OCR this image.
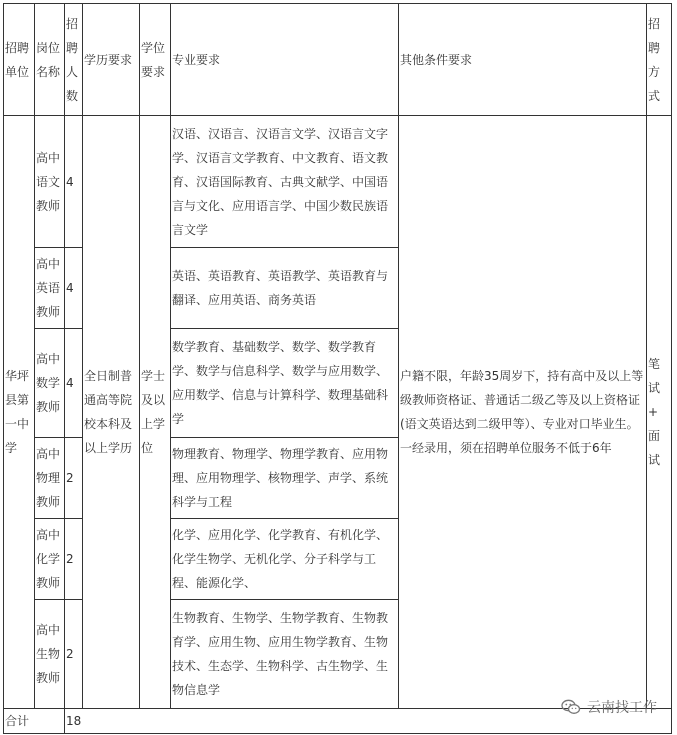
招聘单位	岗位名称	招聘人数	学历要求	学位要求	专业要求	其他条件要求	招聘方式
华坪县第一中学	高中语文教师	4	全日制普通高等院校本科及以上学历	学士及以上学位	汉语、汉语言、汉语言文学、汉语言文字学、汉语言文学教育、中文教育、语文教育、汉语国际教育、古典文献学、中国语言与文化、应用语言学、中国少数民族语言文学	户籍不限，年龄35周岁下，持有高中及以上等级教师资格证、普通话二级乙等及以上资格证(语文英语达到二级甲等）、专业对口毕业生。一经录用，须在招聘单位服务不低于6年	笔试+面试
	高中英语教师	4			英语、英语教育、英语教学、英语教育与翻译、应用英语、商务英语		
	高中数学教师	4			数学教育、基础数学、数学、数学教育学、数学与信息科学、数学与应用数学、应用数学、信息与计算科学、数理基础科学		
	高中物理教师	2			物理教育、物理学、物理学教育、应用物理、应用物理学、核物理学、声学、系统科学与工程		
	高中化学教师	2			化学、应用化学、化学教育、有机化学、化学生物学、无机化学、分子科学与工程、能源化学、		
	高中生物教师	2			生物教育、生物学、生物学教育、生物教育学、应用生物、应用生物学教育、生物技术、生态学、生物科学、古生物学、生物信息学		
合计		18					
云南找工作
